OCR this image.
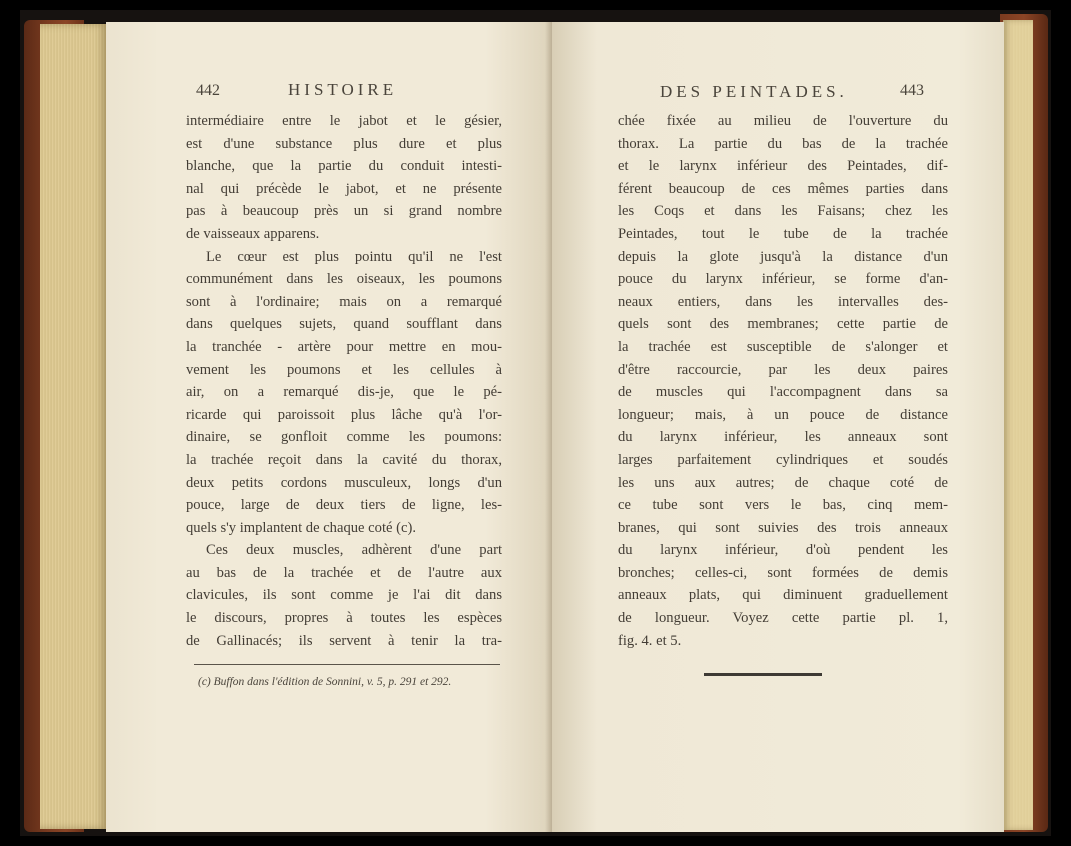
442	HISTOIRE
intermédiaire entre le jabot et le gésier,
est d'une substance plus dure et plus
blanche, que la partie du conduit intesti-
nal qui précède le jabot, et ne présente
pas à beaucoup près un si grand nombre
de vaisseaux apparens.
Le cœur est plus pointu qu'il ne l'est
communément dans les oiseaux, les poumons
sont à l'ordinaire; mais on a remarqué
dans quelques sujets, quand soufflant dans
la tranchée - artère pour mettre en mou-
vement les poumons et les cellules à
air, on a remarqué dis-je, que le pé-
ricarde qui paroissoit plus lâche qu'à l'or-
dinaire, se gonfloit comme les poumons:
la trachée reçoit dans la cavité du thorax,
deux petits cordons musculeux, longs d'un
pouce, large de deux tiers de ligne, les-
quels s'y implantent de chaque coté (c).
Ces deux muscles, adhèrent d'une part
au bas de la trachée et de l'autre aux
clavicules, ils sont comme je l'ai dit dans
le discours, propres à toutes les espèces
de Gallinacés; ils servent à tenir la tra-
(c) Buffon dans l'édition de Sonnini, v. 5, p. 291 et 292.
DES PEINTADES.	443
chée fixée au milieu de l'ouverture du
thorax. La partie du bas de la trachée
et le larynx inférieur des Peintades, dif-
férent beaucoup de ces mêmes parties dans
les Coqs et dans les Faisans; chez les
Peintades, tout le tube de la trachée
depuis la glote jusqu'à la distance d'un
pouce du larynx inférieur, se forme d'an-
neaux entiers, dans les intervalles des-
quels sont des membranes; cette partie de
la trachée est susceptible de s'alonger et
d'être raccourcie, par les deux paires
de muscles qui l'accompagnent dans sa
longueur; mais, à un pouce de distance
du larynx inférieur, les anneaux sont
larges parfaitement cylindriques et soudés
les uns aux autres; de chaque coté de
ce tube sont vers le bas, cinq mem-
branes, qui sont suivies des trois anneaux
du larynx inférieur, d'où pendent les
bronches; celles-ci, sont formées de demis
anneaux plats, qui diminuent graduellement
de longueur. Voyez cette partie pl. 1,
fig. 4. et 5.
